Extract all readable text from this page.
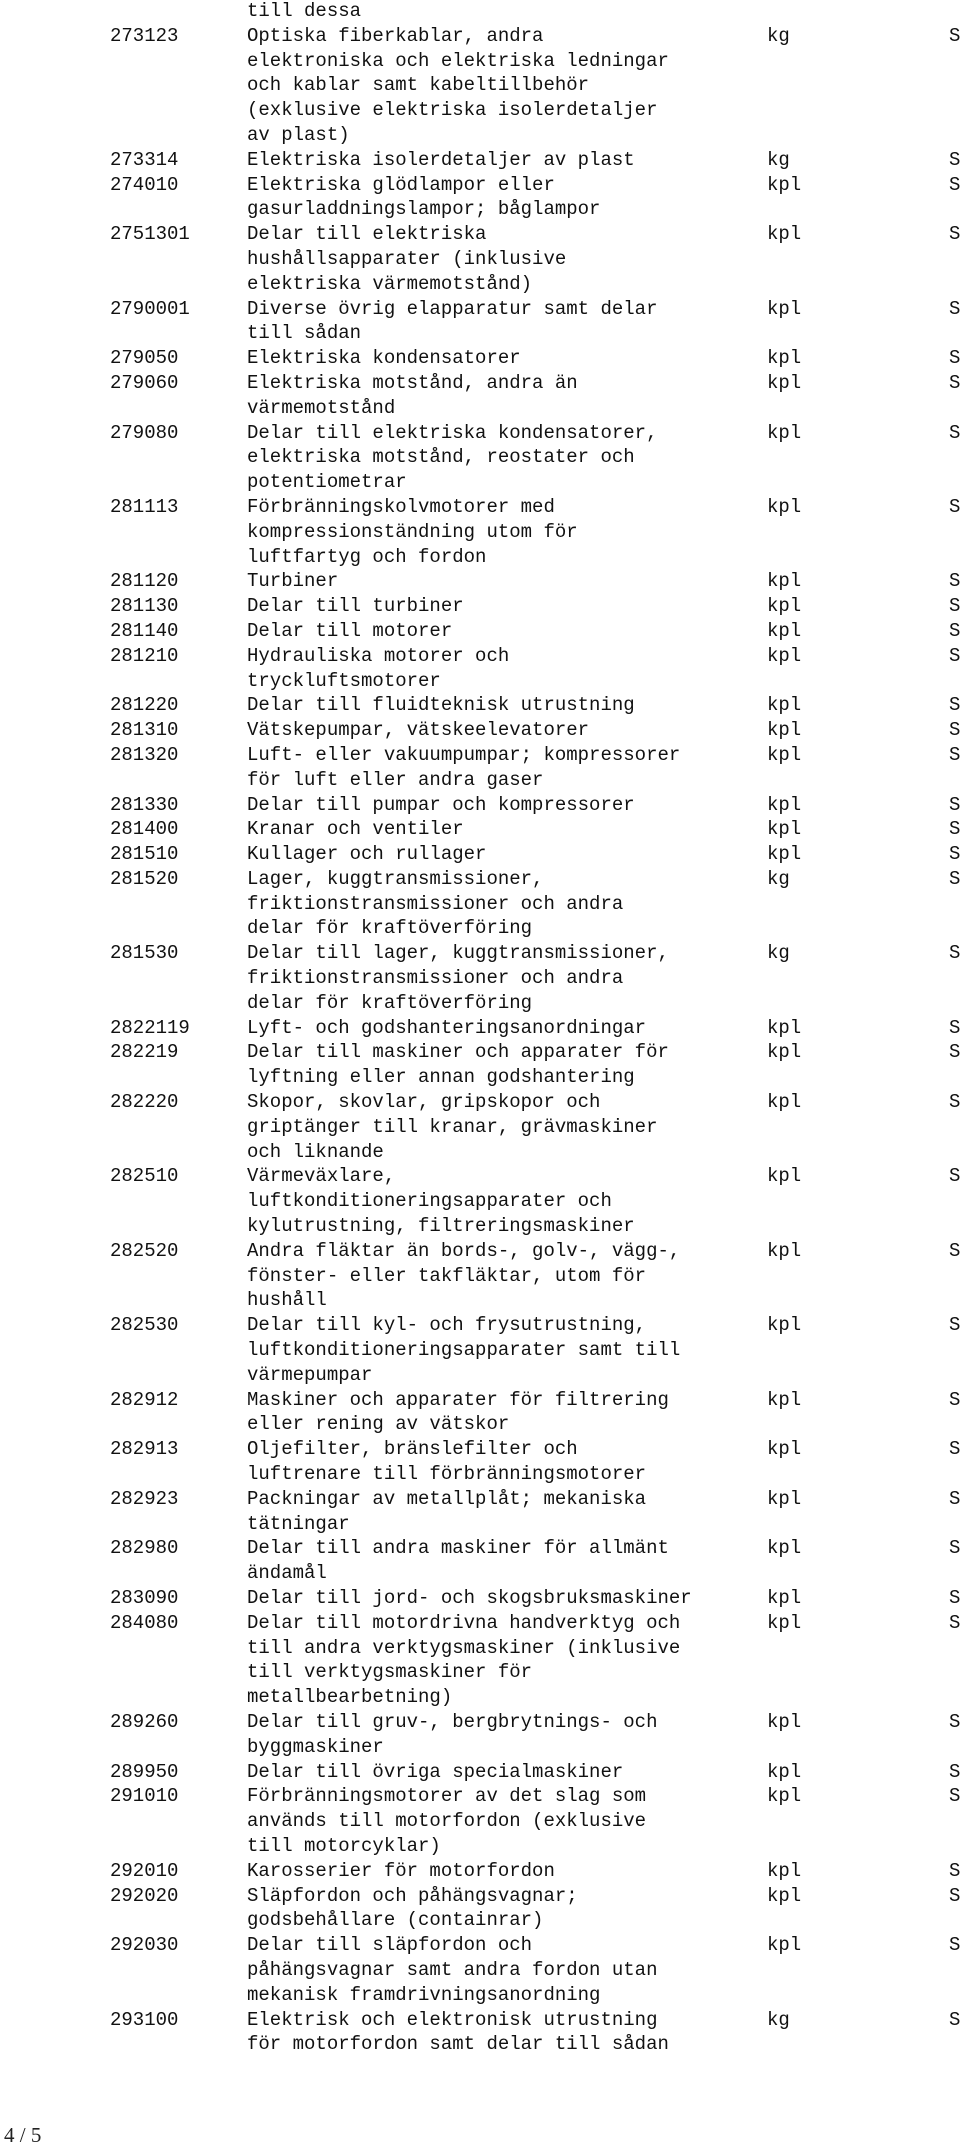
till dessa
273123	Optiska fiberkablar, andra
elektroniska och elektriska ledningar
och kablar samt kabeltillbehör
(exklusive elektriska isolerdetaljer
av plast)
kg	S
273314	Elektriska isolerdetaljer av plast	kg	S
274010	Elektriska glödlampor eller
gasurladdningslampor; båglampor
kpl	S
2751301	Delar till elektriska
hushållsapparater (inklusive
elektriska värmemotstånd)
kpl	S
2790001	Diverse övrig elapparatur samt delar
till sådan
kpl	S
279050	Elektriska kondensatorer	kpl	S
279060	Elektriska motstånd, andra än
värmemotstånd
kpl	S
279080	Delar till elektriska kondensatorer,
elektriska motstånd, reostater och
potentiometrar
kpl	S
281113	Förbränningskolvmotorer med
kompressionständning utom för
luftfartyg och fordon
kpl	S
281120	Turbiner	kpl	S
281130	Delar till turbiner	kpl	S
281140	Delar till motorer	kpl	S
281210	Hydrauliska motorer och
tryckluftsmotorer
kpl	S
281220	Delar till fluidteknisk utrustning	kpl	S
281310	Vätskepumpar, vätskeelevatorer	kpl	S
281320	Luft- eller vakuumpumpar; kompressorer
för luft eller andra gaser
kpl	S
281330	Delar till pumpar och kompressorer	kpl	S
281400	Kranar och ventiler	kpl	S
281510	Kullager och rullager	kpl	S
281520	Lager, kuggtransmissioner,
friktionstransmissioner och andra
delar för kraftöverföring
kg	S
281530	Delar till lager, kuggtransmissioner,
friktionstransmissioner och andra
delar för kraftöverföring
kg	S
2822119	Lyft- och godshanteringsanordningar	kpl	S
282219	Delar till maskiner och apparater för
lyftning eller annan godshantering
kpl	S
282220	Skopor, skovlar, gripskopor och
griptänger till kranar, grävmaskiner
och liknande
kpl	S
282510	Värmeväxlare,
luftkonditioneringsapparater och
kylutrustning, filtreringsmaskiner
kpl	S
282520	Andra fläktar än bords-, golv-, vägg-,
fönster- eller takfläktar, utom för
hushåll
kpl	S
282530	Delar till kyl- och frysutrustning,
luftkonditioneringsapparater samt till
värmepumpar
kpl	S
282912	Maskiner och apparater för filtrering
eller rening av vätskor
kpl	S
282913	Oljefilter, bränslefilter och
luftrenare till förbränningsmotorer
kpl	S
282923	Packningar av metallplåt; mekaniska
tätningar
kpl	S
282980	Delar till andra maskiner för allmänt
ändamål
kpl	S
283090	Delar till jord- och skogsbruksmaskiner	kpl	S
284080	Delar till motordrivna handverktyg och
till andra verktygsmaskiner (inklusive
till verktygsmaskiner för
metallbearbetning)
kpl	S
289260	Delar till gruv-, bergbrytnings- och
byggmaskiner
kpl	S
289950	Delar till övriga specialmaskiner	kpl	S
291010	Förbränningsmotorer av det slag som
används till motorfordon (exklusive
till motorcyklar)
kpl	S
292010	Karosserier för motorfordon	kpl	S
292020	Släpfordon och påhängsvagnar;
godsbehållare (containrar)
kpl	S
292030	Delar till släpfordon och
påhängsvagnar samt andra fordon utan
mekanisk framdrivningsanordning
kpl	S
293100	Elektrisk och elektronisk utrustning
för motorfordon samt delar till sådan
kg	S
4 / 5
